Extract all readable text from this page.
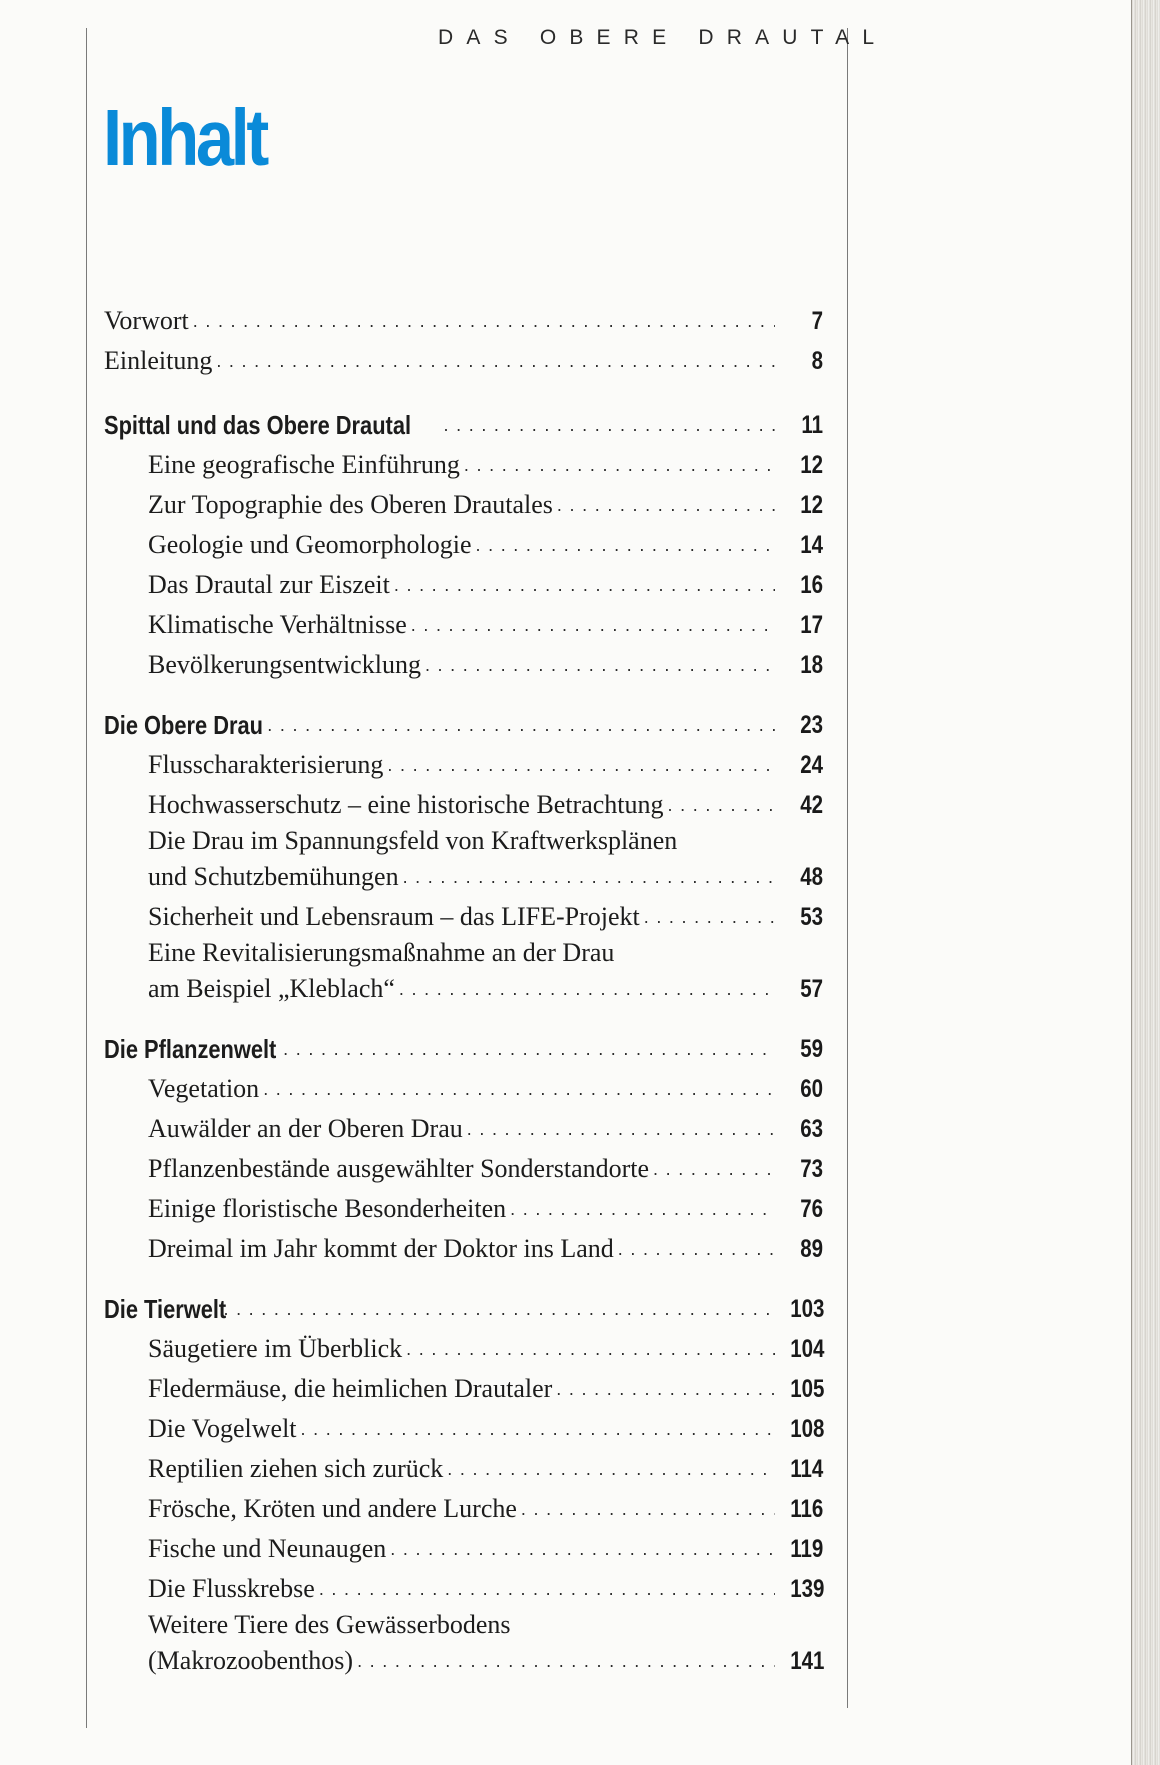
DAS OBERE DRAUTAL
Inhalt
Vorwort . . .	7
Einleitung . . .	8
Spittal und das Obere Drautal . . .	11
Eine geografische Einführung . . .	12
Zur Topographie des Oberen Drautales . . .	12
Geologie und Geomorphologie . . .	14
Das Drautal zur Eiszeit . . .	16
Klimatische Verhältnisse . . .	17
Bevölkerungsentwicklung . . .	18
Die Obere Drau . . .	23
Flusscharakterisierung . . .	24
Hochwasserschutz – eine historische Betrachtung . . .	42
Die Drau im Spannungsfeld von Kraftwerksplänen
und Schutzbemühungen . . .	48
Sicherheit und Lebensraum – das LIFE-Projekt . . .	53
Eine Revitalisierungsmaßnahme an der Drau
am Beispiel „Kleblach“ . . .	57
Die Pflanzenwelt . . .	59
Vegetation . . .	60
Auwälder an der Oberen Drau . . .	63
Pflanzenbestände ausgewählter Sonderstandorte . . .	73
Einige floristische Besonderheiten . . .	76
Dreimal im Jahr kommt der Doktor ins Land . . .	89
Die Tierwelt . . .	103
Säugetiere im Überblick . . .	104
Fledermäuse, die heimlichen Drautaler . . .	105
Die Vogelwelt . . .	108
Reptilien ziehen sich zurück . . .	114
Frösche, Kröten und andere Lurche . . .	116
Fische und Neunaugen . . .	119
Die Flusskrebse . . .	139
Weitere Tiere des Gewässerbodens
(Makrozoobenthos) . . .	141
